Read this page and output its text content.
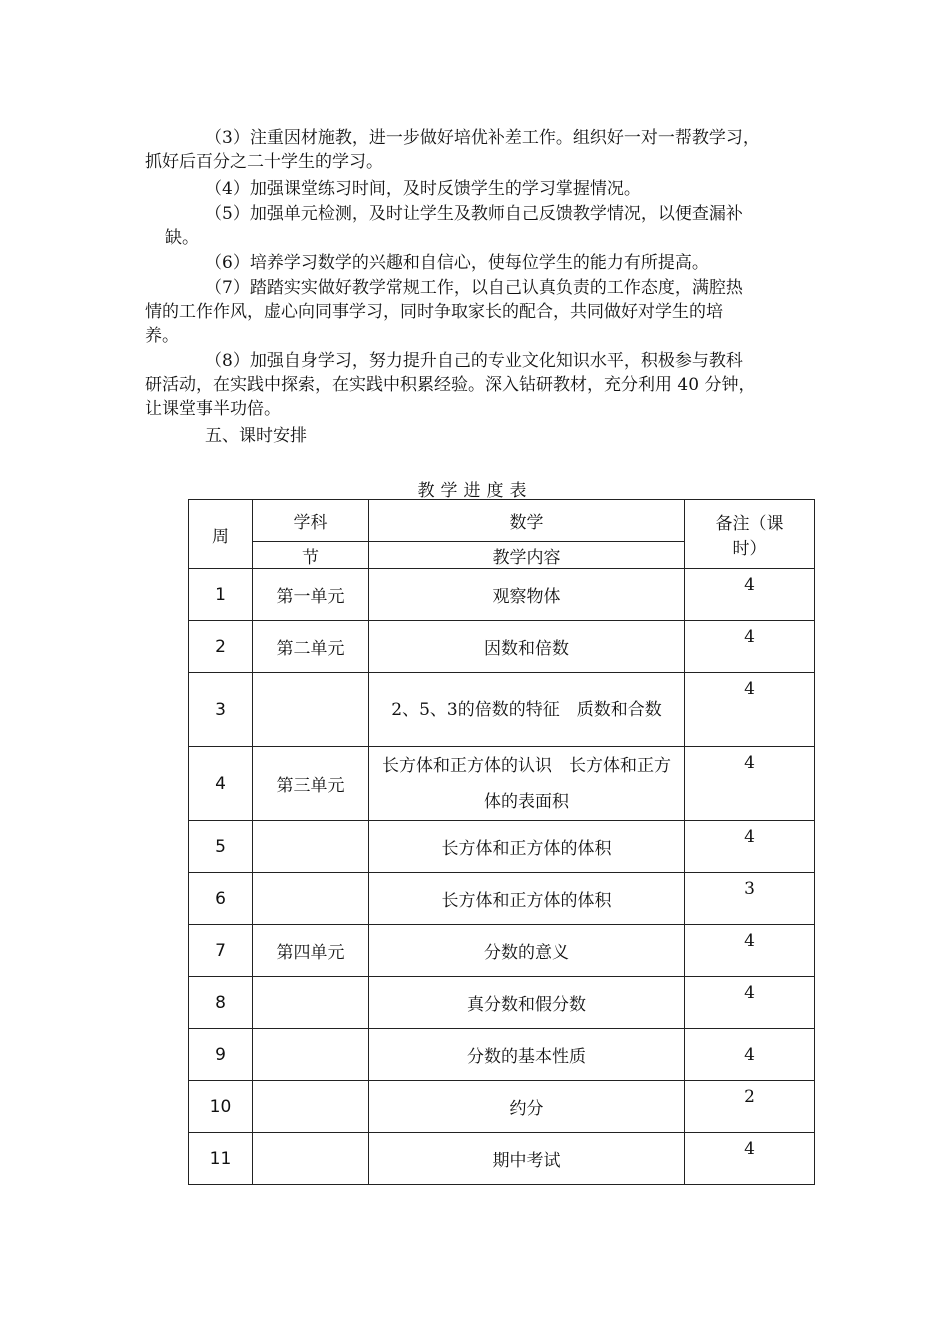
（3）注重因材施教，进一步做好培优补差工作。组织好一对一帮教学习，
抓好后百分之二十学生的学习。
（4）加强课堂练习时间，及时反馈学生的学习掌握情况。
（5）加强单元检测，及时让学生及教师自己反馈教学情况，以便查漏补
缺。
（6）培养学习数学的兴趣和自信心，使每位学生的能力有所提高。
（7）踏踏实实做好教学常规工作，以自己认真负责的工作态度，满腔热
情的工作作风，虚心向同事学习，同时争取家长的配合，共同做好对学生的培
养。
（8）加强自身学习，努力提升自己的专业文化知识水平，积极参与教科
研活动，在实践中探索，在实践中积累经验。深入钻研教材，充分利用 40 分钟，
让课堂事半功倍。
五、课时安排
教学进度表
周	学科	数学	备注（课时）
	节	教学内容	
1	第一单元	观察物体	4
2	第二单元	因数和倍数	4
3		2、5、3的倍数的特征　质数和合数	4
4	第三单元	长方体和正方体的认识　长方体和正方体的表面积	4
5		长方体和正方体的体积	4
6		长方体和正方体的体积	3
7	第四单元	分数的意义	4
8		真分数和假分数	4
9		分数的基本性质	4
10		约分	2
11		期中考试	4
